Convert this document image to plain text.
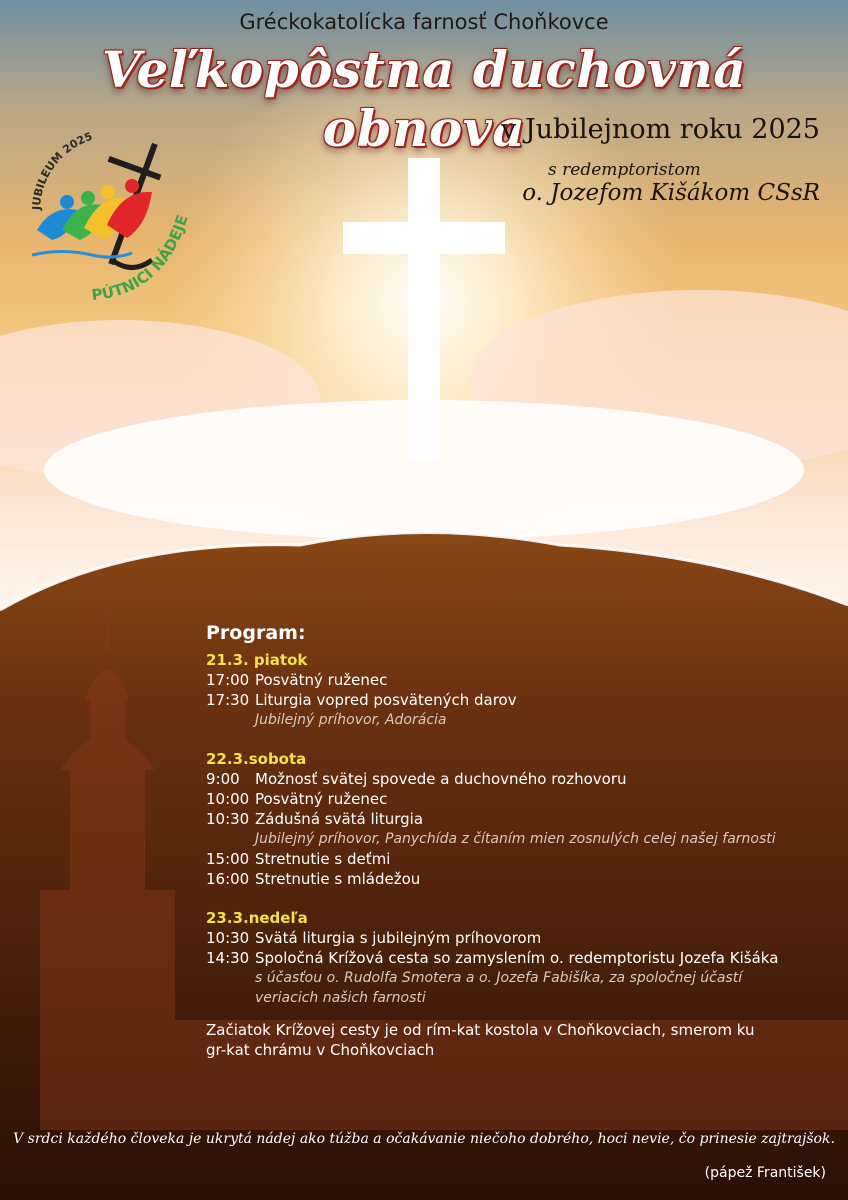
Gréckokatolícka farnosť Choňkovce
Veľkopôstna duchovná obnova
v Jubilejnom roku 2025
s redemptoristom
o. Jozefom Kišákom CSsR
JUBILEUM 2025
PÚTNICI NÁDEJE
Program:
21.3. piatok
17:00 Posvätný ruženec
17:30 Liturgia vopred posvätených darov
Jubilejný príhovor, Adorácia
22.3.sobota
9:00	Možnosť svätej spovede a duchovného rozhovoru
10:00 Posvätný ruženec
10:30 Zádušná svätá liturgia
Jubilejný príhovor, Panychída z čítaním mien zosnulých celej našej farnosti
15:00 Stretnutie s deťmi
16:00 Stretnutie s mládežou
23.3.nedeľa
10:30 Svätá liturgia s jubilejným príhovorom
14:30 Spoločná Krížová cesta so zamyslením o. redemptoristu Jozefa Kišáka
s účasťou o. Rudolfa Smotera a o. Jozefa Fabišíka, za spoločnej účastí
veriacich našich farnosti
Začiatok Krížovej cesty je od rím-kat kostola v Choňkovciach, smerom ku
gr-kat chrámu v Choňkovciach
V srdci každého človeka je ukrytá nádej ako túžba a očakávanie niečoho dobrého, hoci nevie, čo prinesie zajtrajšok.
(pápež František)
